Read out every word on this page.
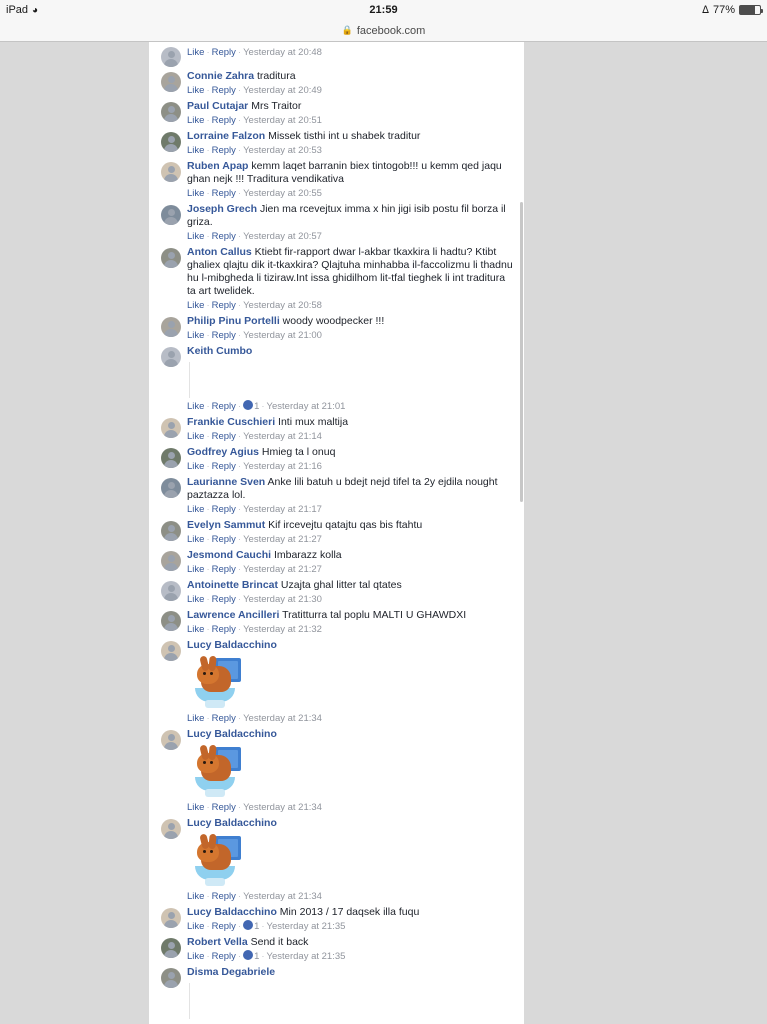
iPad ◕	21:59	ᐃ 77%
🔒 facebook.com
Like · Reply · Yesterday at 20:48
Connie Zahra traditura
Like · Reply · Yesterday at 20:49
Paul Cutajar Mrs Traitor
Like · Reply · Yesterday at 20:51
Lorraine Falzon Missek tisthi int u shabek traditur
Like · Reply · Yesterday at 20:53
Ruben Apap kemm laqet barranin biex tintogob!!! u kemm qed jaqu ghan nejk !!! Traditura vendikativa
Like · Reply · Yesterday at 20:55
Joseph Grech Jien ma rcevejtux imma x hin jigi isib postu fil borza il griza.
Like · Reply · Yesterday at 20:57
Anton Callus Ktiebt fir-rapport dwar l-akbar tkaxkira li hadtu? Ktibt ghaliex qlajtu dik it-tkaxkira? Qlajtuha minhabba il-faccolizmu li thadnu hu l-mibgheda li tiziraw.Int issa ghidilhom lit-tfal tieghek li int traditura ta art twelidek.
Like · Reply · Yesterday at 20:58
Philip Pinu Portelli woody woodpecker !!!
Like · Reply · Yesterday at 21:00
Keith Cumbo
Like · Reply · 1 · Yesterday at 21:01
Frankie Cuschieri Inti mux maltija
Like · Reply · Yesterday at 21:14
Godfrey Agius Hmieg ta l onuq
Like · Reply · Yesterday at 21:16
Laurianne Sven Anke lili batuh u bdejt nejd tifel ta 2y ejdila nought paztazza lol.
Like · Reply · Yesterday at 21:17
Evelyn Sammut Kif ircevejtu qatajtu qas bis ftahtu
Like · Reply · Yesterday at 21:27
Jesmond Cauchi Imbarazz kolla
Like · Reply · Yesterday at 21:27
Antoinette Brincat Uzajta ghal litter tal qtates
Like · Reply · Yesterday at 21:30
Lawrence Ancilleri Tratitturra tal poplu MALTI U GHAWDXI
Like · Reply · Yesterday at 21:32
Lucy Baldacchino
Like · Reply · Yesterday at 21:34
Lucy Baldacchino
Like · Reply · Yesterday at 21:34
Lucy Baldacchino
Like · Reply · Yesterday at 21:34
Lucy Baldacchino Min 2013 / 17 daqsek illa fuqu
Like · Reply · 1 · Yesterday at 21:35
Robert Vella Send it back
Like · Reply · 1 · Yesterday at 21:35
Disma Degabriele
